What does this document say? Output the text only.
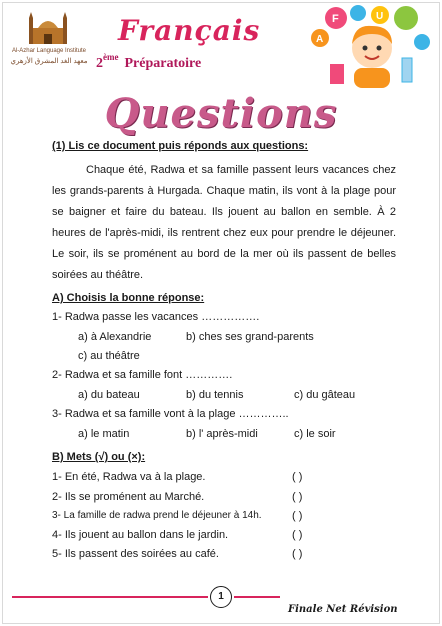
Al-Azhar Language Institute
معهد الغد المشرق الأزهري
Français
2ème Préparatoire
F	U
A
Questions
(1) Lis ce document puis réponds aux questions:
Chaque été, Radwa et sa famille passent leurs vacances chez les grands-parents à Hurgada. Chaque matin, ils vont à la plage pour se baigner et faire du bateau. Ils jouent au ballon en semble. À 2 heures de l'après-midi, ils rentrent chez eux pour prendre le déjeuner. Le soir, ils se proménent au bord de la mer où ils passent de belles soirées au théâtre.
A) Choisis la bonne réponse:
1- Radwa passe les vacances …………….
a) à Alexandrie	b) ches ses grand-parents
c) au théâtre
2- Radwa et sa famille font ………….
a) du bateau	b) du tennis	c) du gâteau
3- Radwa et sa famille vont à la plage …………..
a) le matin	b) l' après-midi	c) le soir
B) Mets (√) ou (×):
1- En été, Radwa va à la plage.	( )
2- Ils se proménent au Marché.	( )
3- La famille de radwa prend le déjeuner à 14h.	( )
4- Ils jouent au ballon dans le jardin.	( )
5- Ils passent des soirées au café.	( )
1
Finale Net Révision
